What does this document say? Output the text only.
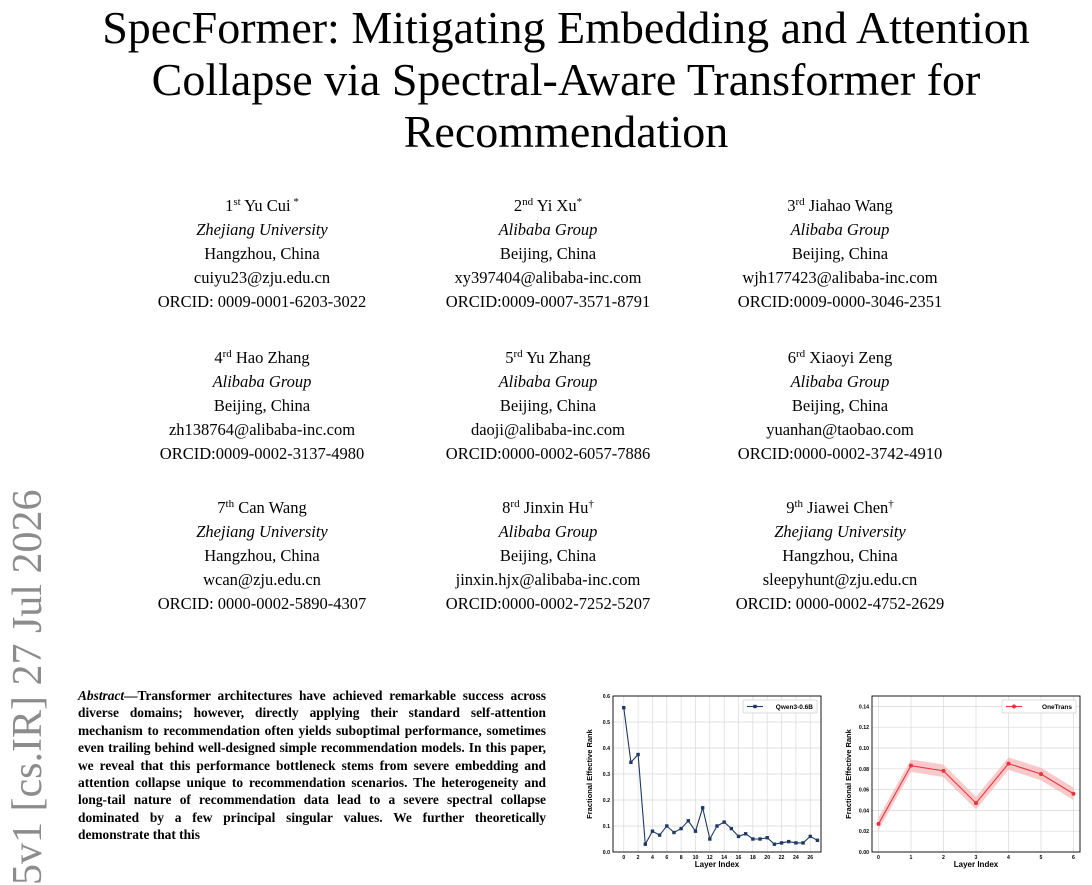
5v1 [cs.IR] 27 Jul 2026
SpecFormer: Mitigating Embedding and Attention Collapse via Spectral-Aware Transformer for Recommendation
1st Yu Cui *
Zhejiang University
Hangzhou, China
cuiyu23@zju.edu.cn
ORCID: 0009-0001-6203-3022
2nd Yi Xu*
Alibaba Group
Beijing, China
xy397404@alibaba-inc.com
ORCID:0009-0007-3571-8791
3rd Jiahao Wang
Alibaba Group
Beijing, China
wjh177423@alibaba-inc.com
ORCID:0009-0000-3046-2351
4rd Hao Zhang
Alibaba Group
Beijing, China
zh138764@alibaba-inc.com
ORCID:0009-0002-3137-4980
5rd Yu Zhang
Alibaba Group
Beijing, China
daoji@alibaba-inc.com
ORCID:0000-0002-6057-7886
6rd Xiaoyi Zeng
Alibaba Group
Beijing, China
yuanhan@taobao.com
ORCID:0000-0002-3742-4910
7th Can Wang
Zhejiang University
Hangzhou, China
wcan@zju.edu.cn
ORCID: 0000-0002-5890-4307
8rd Jinxin Hu†
Alibaba Group
Beijing, China
jinxin.hjx@alibaba-inc.com
ORCID:0000-0002-7252-5207
9th Jiawei Chen†
Zhejiang University
Hangzhou, China
sleepyhunt@zju.edu.cn
ORCID: 0000-0002-4752-2629
Abstract—Transformer architectures have achieved remarkable success across diverse domains; however, directly applying their standard self-attention mechanism to recommendation often yields suboptimal performance, sometimes even trailing behind well-designed simple recommendation models. In this paper, we reveal that this performance bottleneck stems from severe embedding and attention collapse unique to recommendation scenarios. The heterogeneity and long-tail nature of recommendation data lead to a severe spectral collapse dominated by a few principal singular values. We further theoretically demonstrate that this
0.0
0.1
0.2
0.3
0.4
0.5
0.6
0 2 4 6 8 10 12 14 16 18 20 22 24 26
Layer Index
Fractional Effective Rank
Qwen3-0.6B
0.00
0.02
0.04
0.06
0.08
0.10
0.12
0.14
0	1	2	3	4	5	6
Layer Index
Fractional Effective Rank
OneTrans
